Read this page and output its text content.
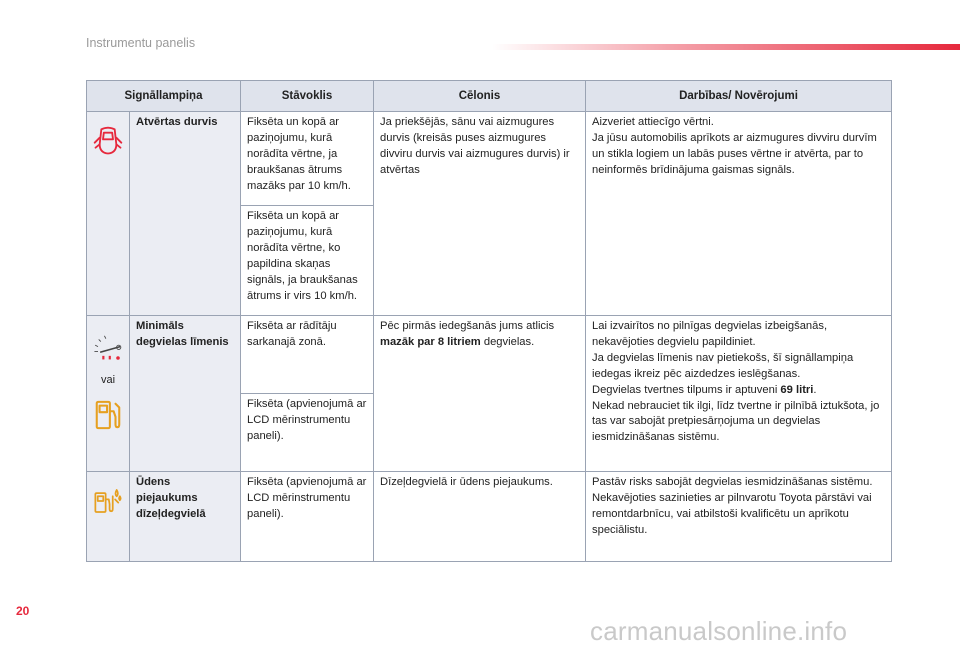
Instrumentu panelis
Signāllampiņa		Stāvoklis	Cēlonis	Darbības/ Novērojumi

	Atvērtas durvis	Fiksēta un kopā ar paziņojumu, kurā norādīta vērtne, ja braukšanas ātrums mazāks par 10 km/h.	Ja priekšējās, sānu vai aizmugures durvis (kreisās puses aizmugures divviru durvis vai aizmugures durvis) ir atvērtas	Aizveriet attiecīgo vērtni.
Ja jūsu automobilis aprīkots ar aizmugures divviru durvīm un stikla logiem un labās puses vērtne ir atvērta, par to neinformēs brīdinājuma gaismas signāls.
		Fiksēta un kopā ar paziņojumu, kurā norādīta vērtne, ko papildina skaņas signāls, ja braukšanas ātrums ir virs 10 km/h.		

vai	Minimāls degvielas līmenis	Fiksēta ar rādītāju sarkanajā zonā.	Pēc pirmās iedegšanās jums atlicis mazāk par 8 litriem degvielas.	Lai izvairītos no pilnīgas degvielas izbeigšanās, nekavējoties degvielu papildiniet.
Ja degvielas līmenis nav pietiekošs, šī signāllampiņa iedegas ikreiz pēc aizdedzes ieslēgšanas.
Degvielas tvertnes tilpums ir aptuveni 69 litri.
Nekad nebrauciet tik ilgi, līdz tvertne ir pilnībā iztukšota, jo tas var sabojāt pretpiesārņojuma un degvielas iesmidzināšanas sistēmu.
		Fiksēta (apvienojumā ar LCD mērinstrumentu paneli).		

	Ūdens piejaukums dīzeļdegvielā	Fiksēta (apvienojumā ar LCD mērinstrumentu paneli).	Dīzeļdegvielā ir ūdens piejaukums.	Pastāv risks sabojāt degvielas iesmidzināšanas sistēmu.
Nekavējoties sazinieties ar pilnvarotu Toyota pārstāvi vai remontdarbnīcu, vai atbilstoši kvalificētu un aprīkotu speciālistu.
20
carmanualsonline.info
